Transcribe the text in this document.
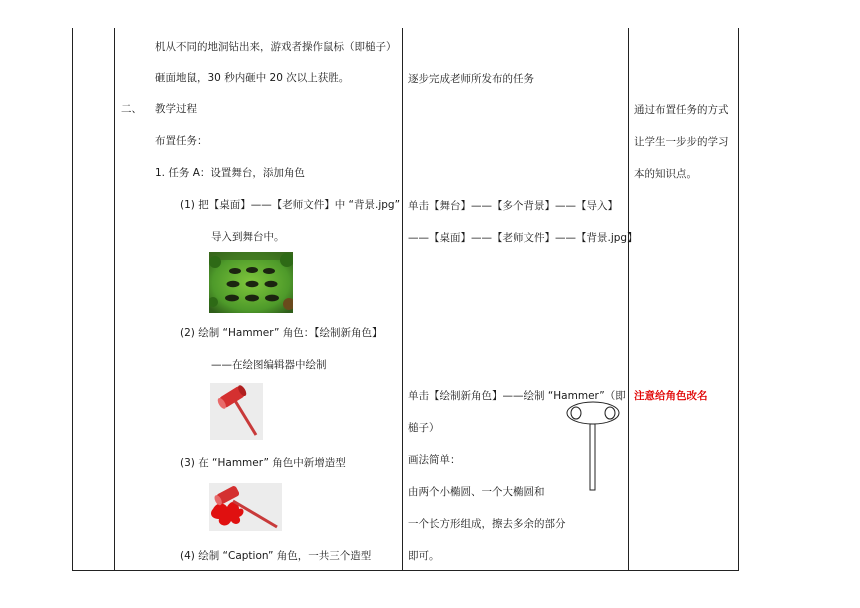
二、
机从不同的地洞钻出来，游戏者操作鼠标（即槌子）
砸面地鼠，30 秒内砸中 20 次以上获胜。
教学过程
布置任务：
1. 任务 A：设置舞台，添加角色
(1) 把【桌面】——【老师文件】中 “背景.jpg”
导入到舞台中。
(2) 绘制 “Hammer” 角色：【绘制新角色】
——在绘图编辑器中绘制
(3) 在 “Hammer” 角色中新增造型
(4) 绘制 “Caption” 角色，一共三个造型
逐步完成老师所发布的任务
单击【舞台】——【多个背景】——【导入】
——【桌面】——【老师文件】——【背景.jpg】
单击【绘制新角色】——绘制 “Hammer”（即
槌子）
画法简单：
由两个小椭圆、一个大椭圆和
一个长方形组成，擦去多余的部分
即可。
通过布置任务的方式
让学生一步步的学习
本的知识点。
注意给角色改名
